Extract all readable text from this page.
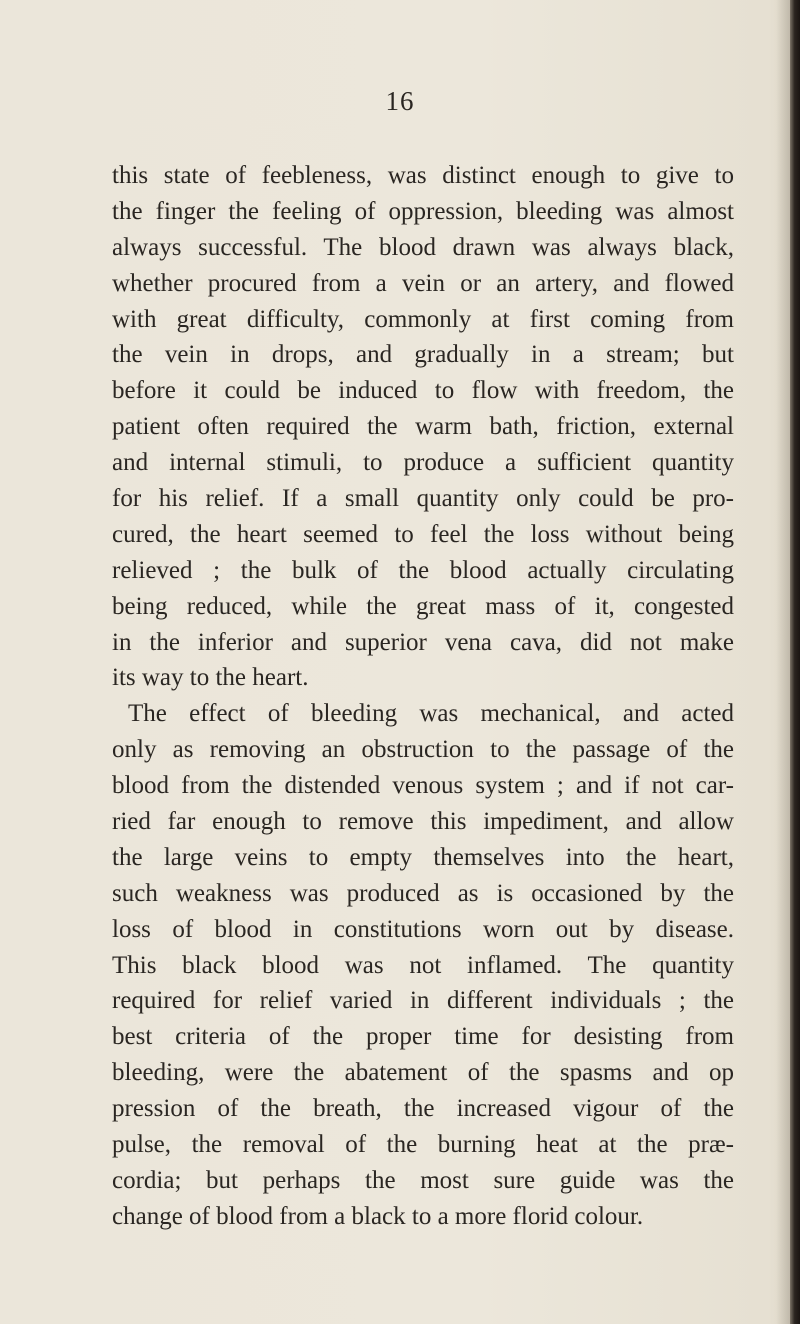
16
this state of feebleness, was distinct enough to give to
the finger the feeling of oppression, bleeding was almost
always successful. The blood drawn was always black,
whether procured from a vein or an artery, and flowed
with great difficulty, commonly at first coming from
the vein in drops, and gradually in a stream; but
before it could be induced to flow with freedom, the
patient often required the warm bath, friction, external
and internal stimuli, to produce a sufficient quantity
for his relief. If a small quantity only could be pro-
cured, the heart seemed to feel the loss without being
relieved ; the bulk of the blood actually circulating
being reduced, while the great mass of it, congested
in the inferior and superior vena cava, did not make
its way to the heart.
The effect of bleeding was mechanical, and acted
only as removing an obstruction to the passage of the
blood from the distended venous system ; and if not car-
ried far enough to remove this impediment, and allow
the large veins to empty themselves into the heart,
such weakness was produced as is occasioned by the
loss of blood in constitutions worn out by disease.
This black blood was not inflamed. The quantity
required for relief varied in different individuals ; the
best criteria of the proper time for desisting from
bleeding, were the abatement of the spasms and op
pression of the breath, the increased vigour of the
pulse, the removal of the burning heat at the præ-
cordia; but perhaps the most sure guide was the
change of blood from a black to a more florid colour.
